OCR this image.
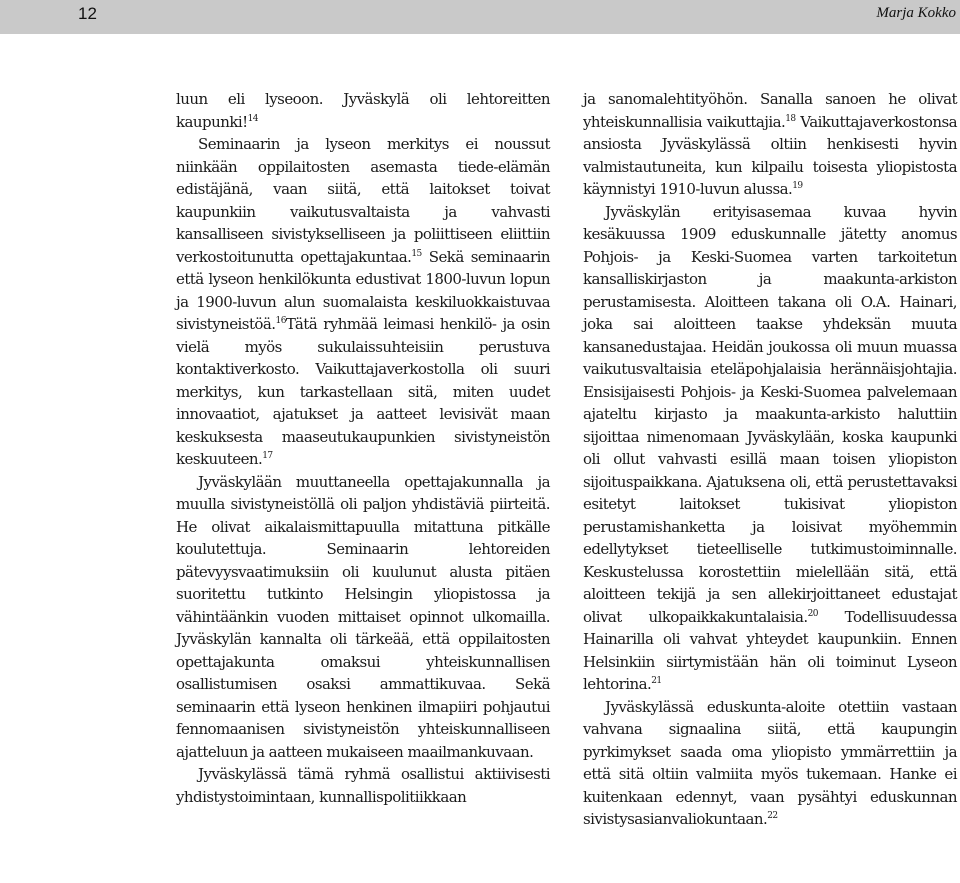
12	Marja Kokko

luun eli lyseoon. Jyväskylä oli lehtoreitten kaupunki!$^{14}$

Seminaarin ja lyseon merkitys ei noussut niinkään oppilaitosten asemasta tiede-elämän edistäjänä, vaan siitä, että laitokset toivat kaupunkiin vaikutusvaltaista ja vahvasti kansalliseen sivistykselliseen ja poliittiseen eliittiin verkostoitunutta opettajakuntaa.$^{15}$ Sekä seminaarin että lyseon henkilökunta edustivat 1800-luvun lopun ja 1900-luvun alun suomalaista keskiluokkaistuvaa sivistyneistöä.$^{16}$Tätä ryhmää leimasi henkilö- ja osin vielä myös sukulaissuhteisiin perustuva kontaktiverkosto. Vaikuttajaverkostolla oli suuri merkitys, kun tarkastellaan sitä, miten uudet innovaatiot, ajatukset ja aatteet levisivät maan keskuksesta maaseutukaupunkien sivistyneistön keskuuteen.$^{17}$

Jyväskylään muuttaneella opettajakunnalla ja muulla sivistyneistöllä oli paljon yhdistäviä piirteitä. He olivat aikalaismittapuulla mitattuna pitkälle koulutettuja. Seminaarin lehtoreiden pätevyysvaatimuksiin oli kuulunut alusta pitäen suoritettu tutkinto Helsingin yliopistossa ja vähintäänkin vuoden mittaiset opinnot ulkomailla. Jyväskylän kannalta oli tärkeää, että oppilaitosten opettajakunta omaksui yhteiskunnallisen osallistumisen osaksi ammattikuvaa. Sekä seminaarin että lyseon henkinen ilmapiiri pohjautui fennomaanisen sivistyneistön yhteiskunnalliseen ajatteluun ja aatteen mukaiseen maailmankuvaan.

Jyväskylässä tämä ryhmä osallistui aktiivisesti yhdistystoimintaan, kunnallispolitiikkaan

ja sanomalehtityöhön. Sanalla sanoen he olivat yhteiskunnallisia vaikuttajia.$^{18}$ Vaikuttajaverkostonsa ansiosta Jyväskylässä oltiin henkisesti hyvin valmistautuneita, kun kilpailu toisesta yliopistosta käynnistyi 1910-luvun alussa.$^{19}$

Jyväskylän erityisasemaa kuvaa hyvin kesäkuussa 1909 eduskunnalle jätetty anomus Pohjois- ja Keski-Suomea varten tarkoitetun kansalliskirjaston ja maakunta-arkiston perustamisesta. Aloitteen takana oli O.A. Hainari, joka sai aloitteen taakse yhdeksän muuta kansanedustajaa. Heidän joukossa oli muun muassa vaikutusvaltaisia eteläpohjalaisia herännäisjohtajia. Ensisijaisesti Pohjois- ja Keski-Suomea palvelemaan ajateltu kirjasto ja maakunta-arkisto haluttiin sijoittaa nimenomaan Jyväskylään, koska kaupunki oli ollut vahvasti esillä maan toisen yliopiston sijoituspaikkana. Ajatuksena oli, että perustettavaksi esitetyt laitokset tukisivat yliopiston perustamishanketta ja loisivat myöhemmin edellytykset tieteelliselle tutkimustoiminnalle. Keskustelussa korostettiin mielellään sitä, että aloitteen tekijä ja sen allekirjoittaneet edustajat olivat ulkopaikkakuntalaisia.$^{20}$ Todellisuudessa Hainarilla oli vahvat yhteydet kaupunkiin. Ennen Helsinkiin siirtymistään hän oli toiminut Lyseon lehtorina.$^{21}$

Jyväskylässä eduskunta-aloite otettiin vastaan vahvana signaalina siitä, että kaupungin pyrkimykset saada oma yliopisto ymmärrettiin ja että sitä oltiin valmiita myös tukemaan. Hanke ei kuitenkaan edennyt, vaan pysähtyi eduskunnan sivistysasianvaliokuntaan.$^{22}$
